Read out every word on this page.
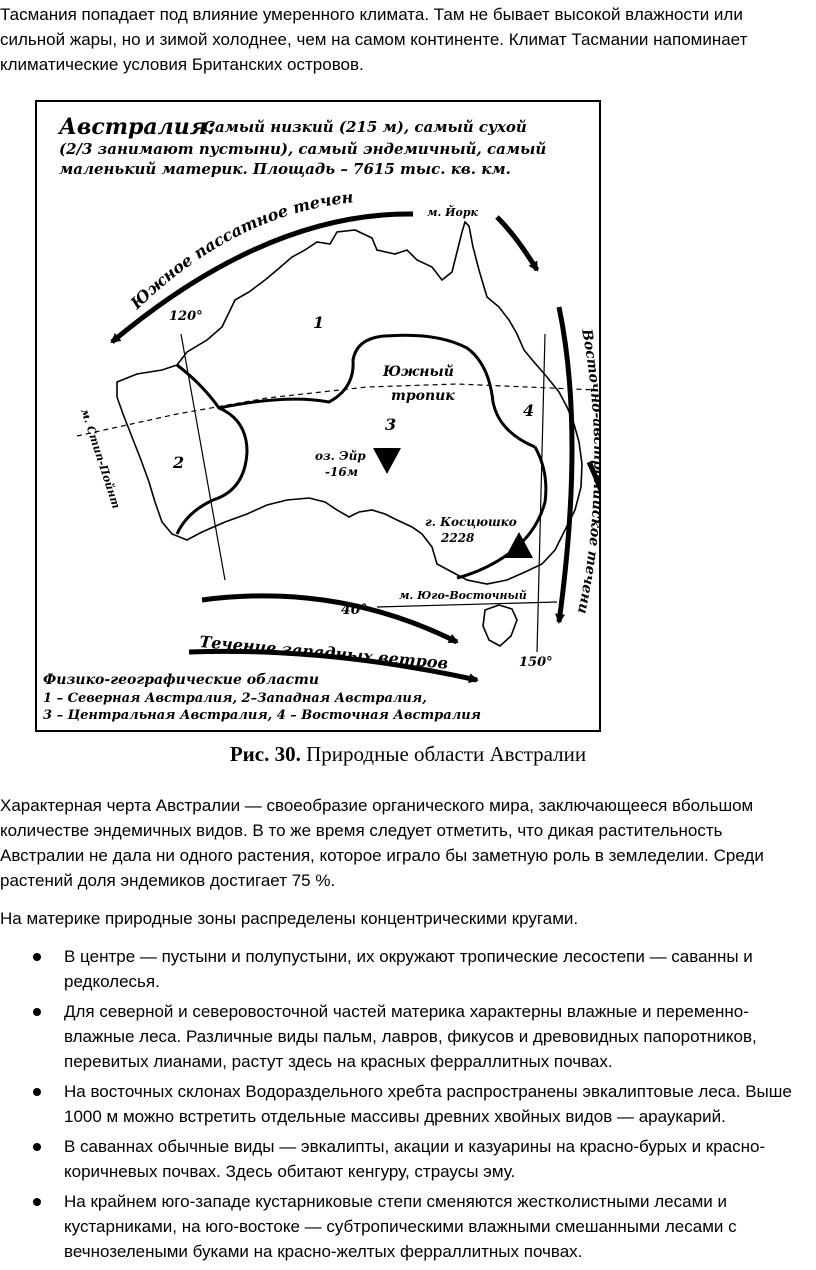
Тасмания попадает под влияние умеренного климата. Там не бывает высокой влажности или сильной жары, но и зимой холоднее, чем на самом континенте. Климат Тасмании напоминает климатические условия Британских островов.

Австралия:
Самый низкий (215 м), самый сухой
(2/3 занимают пустыни), самый эндемичный, самый
маленький материк. Площадь – 7615 тыс. кв. км.
Южное пассатное течен
Вос течени
Течение западных ветров
м. Йорк
м. Стип-Пойнт
м. Юго-Восточный
120°
150°
40°
Южный
тропик
оз. Эйр
-16м
г. Косцюшко
2228
1
2
3
4
Физико-географические области
1 – Северная Австралия, 2–Западная Австралия,
3 – Центральная Австралия, 4 – Восточная Австралия
Рис. 30. Природные области Австралии

Характерная черта Австралии — своеобразие органического мира, заключающееся вбольшом количестве эндемичных видов. В то же время следует отметить, что дикая растительность Австралии не дала ни одного растения, которое играло бы заметную роль в земледелии. Среди растений доля эндемиков достигает 75 %.

На материке природные зоны распределены концентрическими кругами.

В центре — пустыни и полупустыни, их окружают тропические лесостепи — саванны и редколесья.
Для северной и северовосточной частей материка характерны влажные и переменно-влажные леса. Различные виды пальм, лавров, фикусов и древовидных папоротников, перевитых лианами, растут здесь на красных ферраллитных почвах.
На восточных склонах Водораздельного хребта распространены эвкалиптовые леса. Выше 1000 м можно встретить отдельные массивы древних хвойных видов — араукарий.
В саваннах обычные виды — эвкалипты, акации и казуарины на красно-бурых и красно-коричневых почвах. Здесь обитают кенгуру, страусы эму.
На крайнем юго-западе кустарниковые степи сменяются жестколистными лесами и кустарниками, на юго-востоке — субтропическими влажными смешанными лесами с вечнозелеными буками на красно-желтых ферраллитных почвах.
